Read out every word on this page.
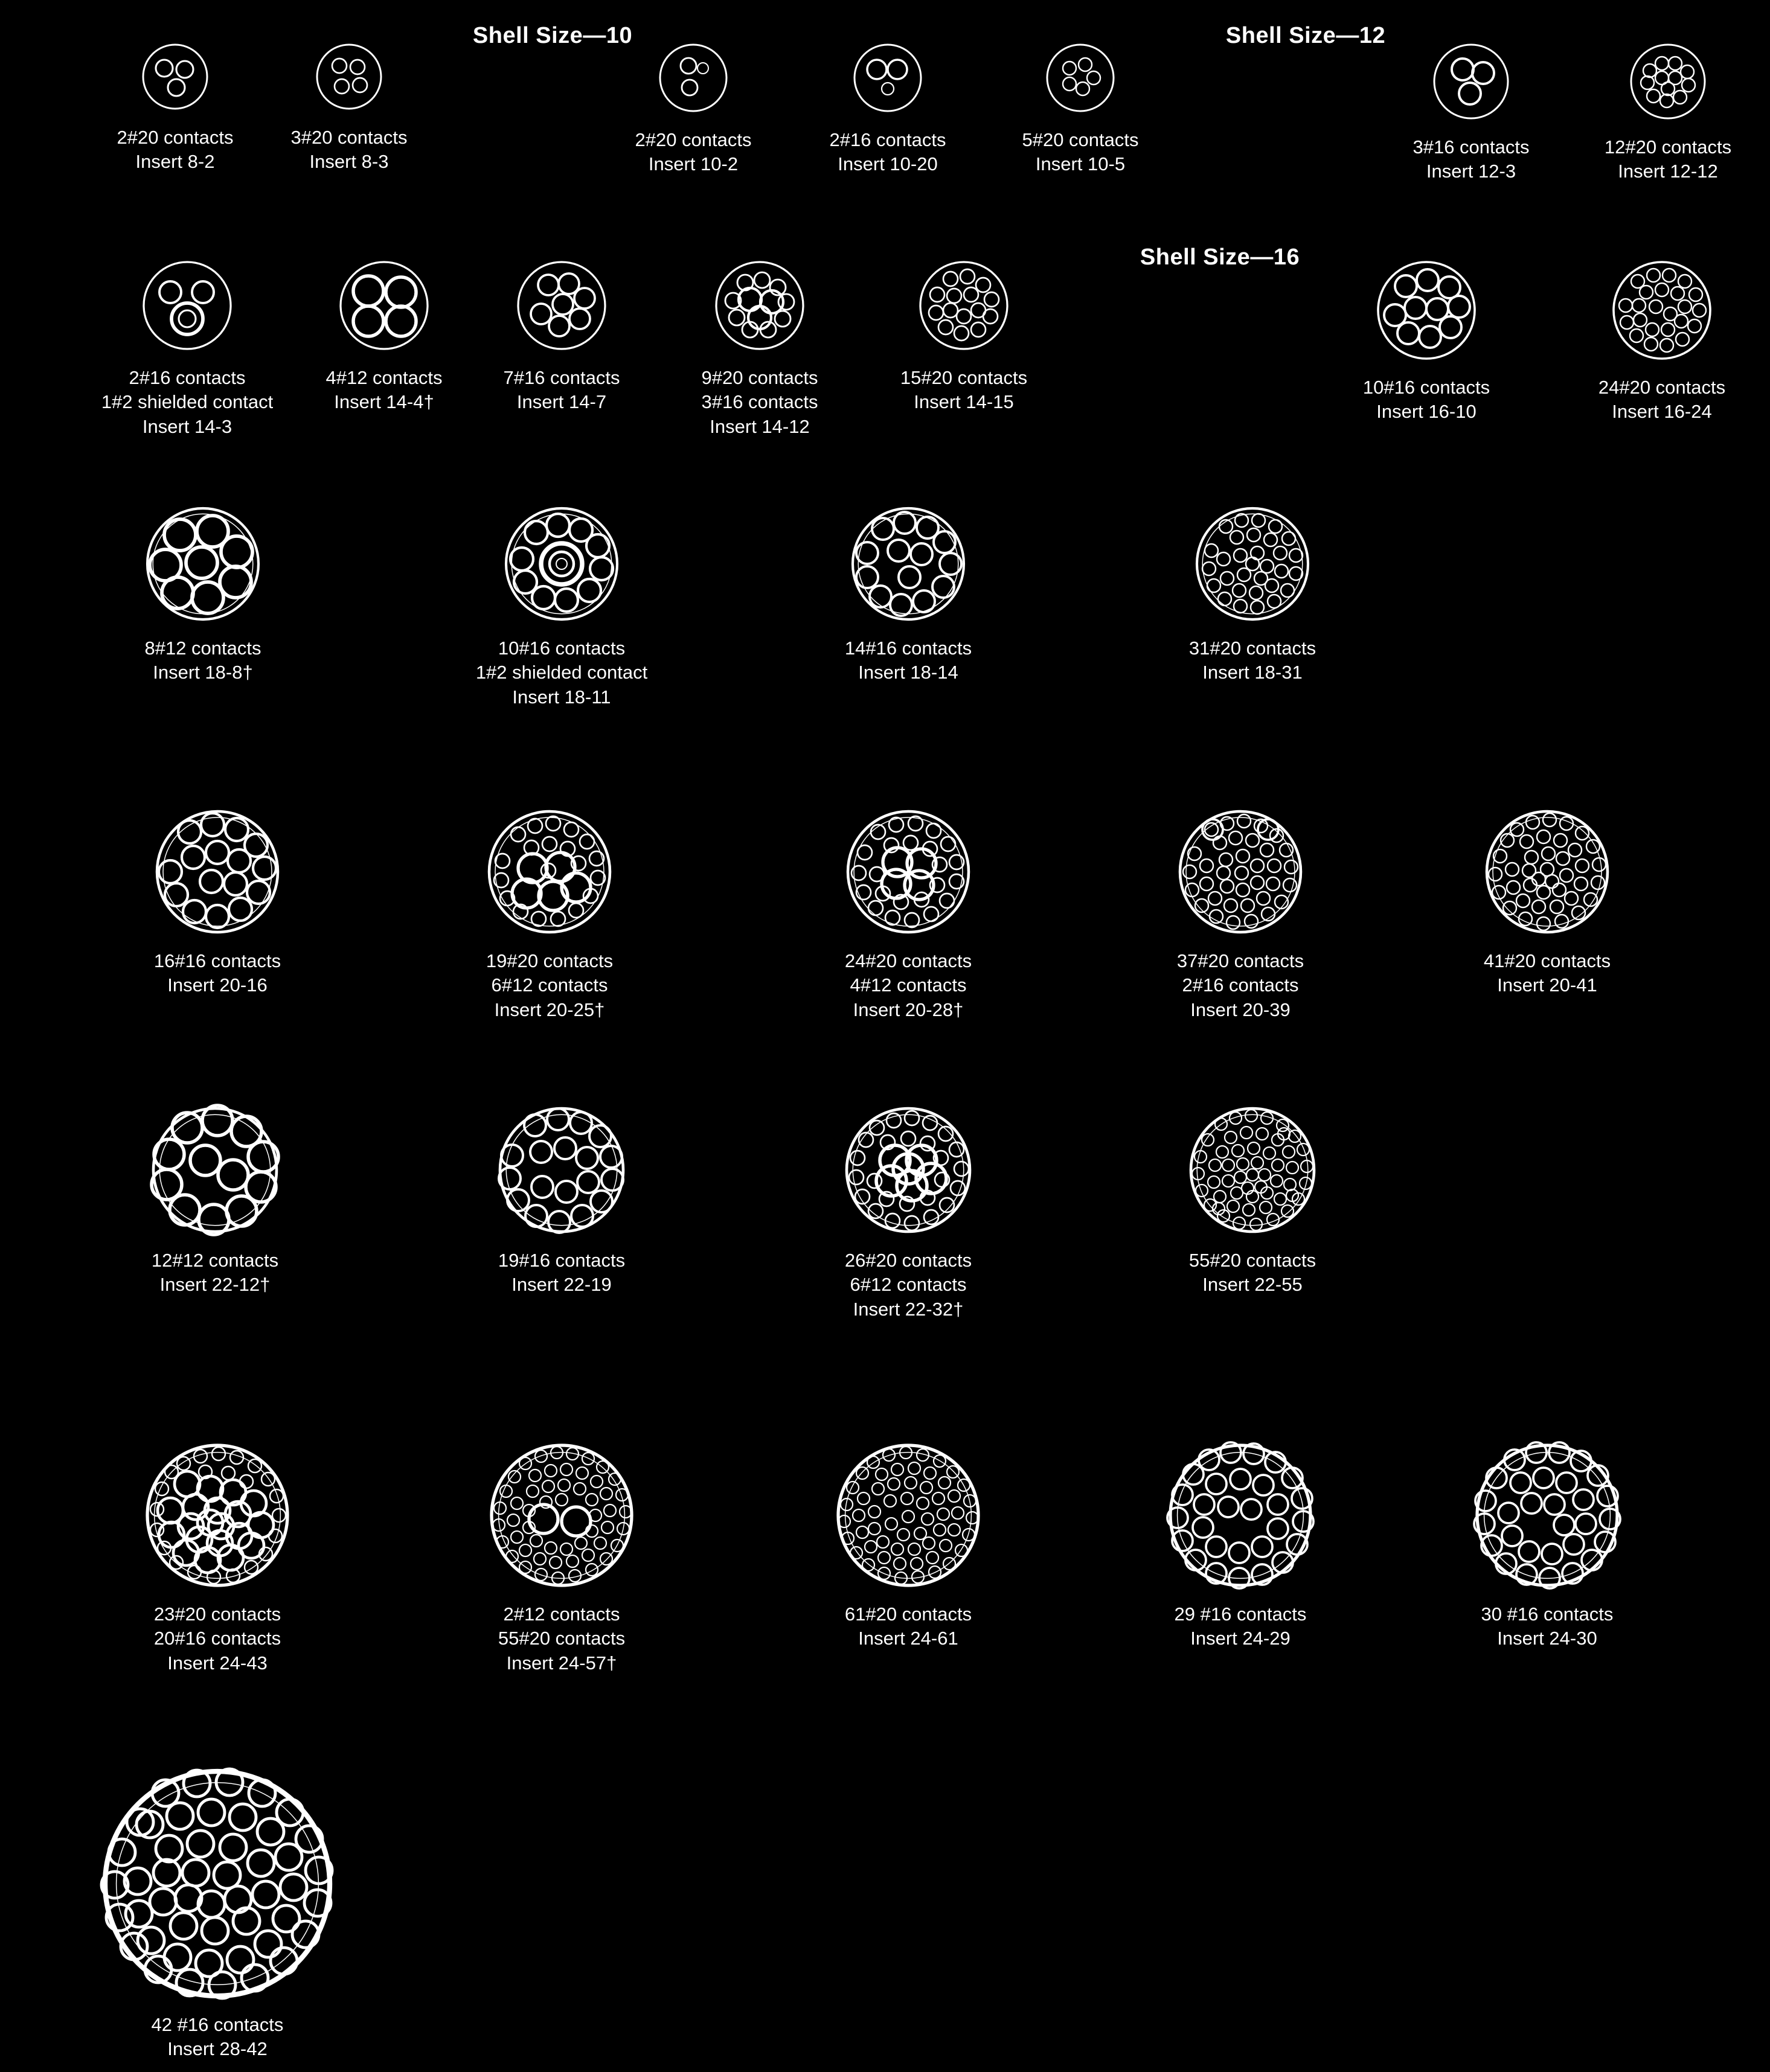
Shell Size—10	Shell Size—12
Shell Size—16
2#20 contacts
Insert 8-2
3#20 contacts
Insert 8-3
2#20 contacts
Insert 10-2
2#16 contacts
Insert 10-20
5#20 contacts
Insert 10-5
3#16 contacts
Insert 12-3
12#20 contacts
Insert 12-12
2#16 contacts
1#2 shielded contact
Insert 14-3
4#12 contacts
Insert 14-4†
7#16 contacts
Insert 14-7
9#20 contacts
3#16 contacts
Insert 14-12
15#20 contacts
Insert 14-15
10#16 contacts
Insert 16-10
24#20 contacts
Insert 16-24
8#12 contacts
Insert 18-8†
10#16 contacts
1#2 shielded contact
Insert 18-11
14#16 contacts
Insert 18-14
31#20 contacts
Insert 18-31
16#16 contacts
Insert 20-16
19#20 contacts
6#12 contacts
Insert 20-25†
24#20 contacts
4#12 contacts
Insert 20-28†
37#20 contacts
2#16 contacts
Insert 20-39
41#20 contacts
Insert 20-41
12#12 contacts
Insert 22-12†
19#16 contacts
Insert 22-19
26#20 contacts
6#12 contacts
Insert 22-32†
55#20 contacts
Insert 22-55
23#20 contacts
20#16 contacts
Insert 24-43
2#12 contacts
55#20 contacts
Insert 24-57†
61#20 contacts
Insert 24-61
29 #16 contacts
Insert 24-29
30 #16 contacts
Insert 24-30
42 #16 contacts
Insert 28-42
